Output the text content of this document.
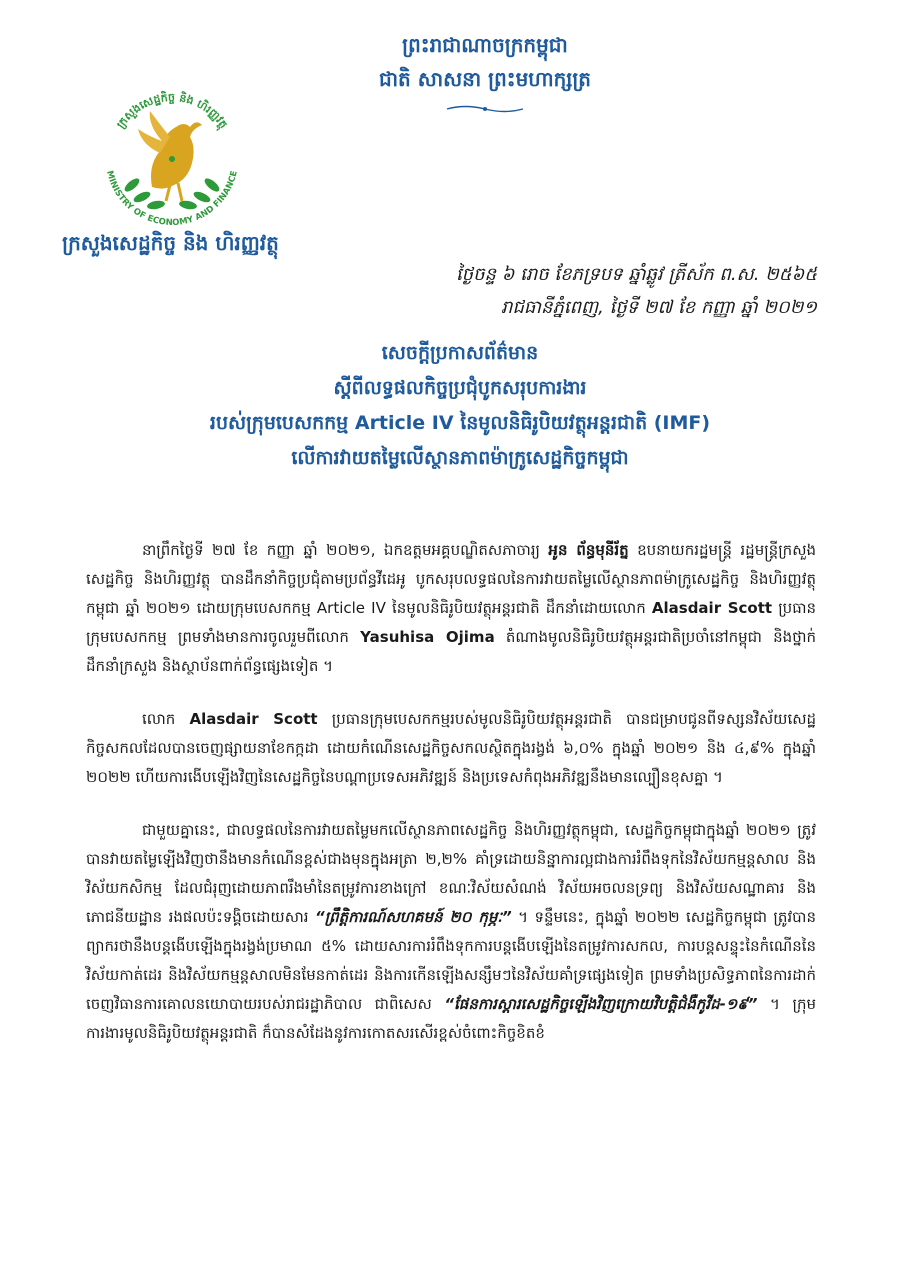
ព្រះរាជាណាចក្រកម្ពុជា
ជាតិ សាសនា ព្រះមហាក្សត្រ
ក្រសួងសេដ្ឋកិច្ច និង ហិរញ្ញវត្ថុ
MINISTRY OF ECONOMY AND FINANCE
ក្រសួងសេដ្ឋកិច្ច និង ហិរញ្ញវត្ថុ
ថ្ងៃចន្ទ ៦ រោច ខែភទ្របទ ឆ្នាំឆ្លូវ ត្រីស័ក ព.ស. ២៥៦៥
រាជធានីភ្នំពេញ, ថ្ងៃទី ២៧ ខែ កញ្ញា ឆ្នាំ ២០២១
សេចក្តីប្រកាសព័ត៌មាន
ស្តីពីលទ្ធផលកិច្ចប្រជុំបូកសរុបការងារ
របស់ក្រុមបេសកកម្ម Article IV នៃមូលនិធិរូបិយវត្ថុអន្តរជាតិ (IMF)
លើការវាយតម្លៃលើស្ថានភាពម៉ាក្រូសេដ្ឋកិច្ចកម្ពុជា

នាព្រឹកថ្ងៃទី ២៧ ខែ កញ្ញា ឆ្នាំ ២០២១, ឯកឧត្តមអគ្គបណ្ឌិតសភាចារ្យ អូន ព័ន្ធមុនីរ័ត្ន ឧបនាយករដ្ឋមន្ត្រី រដ្ឋមន្ត្រីក្រសួងសេដ្ឋកិច្ច និងហិរញ្ញវត្ថុ បានដឹកនាំកិច្ចប្រជុំតាមប្រព័ន្ធវីដេអូ បូកសរុបលទ្ធផលនៃការវាយតម្លៃលើស្ថានភាពម៉ាក្រូសេដ្ឋកិច្ច និងហិរញ្ញវត្ថុកម្ពុជា ឆ្នាំ ២០២១ ដោយក្រុមបេសកកម្ម Article IV នៃមូលនិធិរូបិយវត្ថុអន្តរជាតិ ដឹកនាំដោយលោក Alasdair Scott ប្រធានក្រុមបេសកកម្ម ព្រមទាំងមានការចូលរួមពីលោក Yasuhisa Ojima តំណាងមូលនិធិរូបិយវត្ថុអន្តរជាតិប្រចាំនៅកម្ពុជា និងថ្នាក់ដឹកនាំក្រសួង និងស្ថាប័នពាក់ព័ន្ធផ្សេងទៀត ។

លោក Alasdair Scott ប្រធានក្រុមបេសកកម្មរបស់មូលនិធិរូបិយវត្ថុអន្តរជាតិ បានជម្រាបជូនពីទស្សនវិស័យសេដ្ឋកិច្ចសកលដែលបានចេញផ្សាយនាខែកក្កដា ដោយកំណើនសេដ្ឋកិច្ចសកលស្ថិតក្នុងរង្វង់ ៦,០% ក្នុងឆ្នាំ ២០២១ និង ៤,៩% ក្នុងឆ្នាំ ២០២២ ហើយការងើបឡើងវិញនៃសេដ្ឋកិច្ចនៃបណ្តាប្រទេសអភិវឌ្ឍន៍ និងប្រទេសកំពុងអភិវឌ្ឍនឹងមានល្បឿនខុសគ្នា ។

ជាមួយគ្នានេះ, ជាលទ្ធផលនៃការវាយតម្លៃមកលើស្ថានភាពសេដ្ឋកិច្ច និងហិរញ្ញវត្ថុកម្ពុជា, សេដ្ឋកិច្ចកម្ពុជាក្នុងឆ្នាំ ២០២១ ត្រូវបានវាយតម្លៃឡើងវិញថានឹងមានកំណើនខ្ពស់ជាងមុនក្នុងអត្រា ២,២% គាំទ្រដោយនិន្នាការល្អជាងការរំពឹងទុកនៃវិស័យកម្មន្តសាល និងវិស័យកសិកម្ម ដែលជំរុញដោយភាពរឹងមាំនៃតម្រូវការខាងក្រៅ ខណៈវិស័យសំណង់ វិស័យអចលនទ្រព្យ និងវិស័យសណ្ឋាគារ និងភោជនីយដ្ឋាន រងផលប៉ះទង្គិចដោយសារ “ព្រឹត្តិការណ៍សហគមន៍ ២០ កុម្ភៈ” ។ ទន្ទឹមនេះ, ក្នុងឆ្នាំ ២០២២ សេដ្ឋកិច្ចកម្ពុជា ត្រូវបានព្យាករថានឹងបន្តងើបឡើងក្នុងរង្វង់ប្រមាណ ៥% ដោយសារការរំពឹងទុកការបន្តងើបឡើងនៃតម្រូវការសកល, ការបន្តសន្ទុះនៃកំណើននៃវិស័យកាត់ដេរ និងវិស័យកម្មន្តសាលមិនមែនកាត់ដេរ និងការកើនឡើងសន្សឹមៗនៃវិស័យគាំទ្រផ្សេងទៀត ព្រមទាំងប្រសិទ្ធភាពនៃការដាក់ចេញវិធានការគោលនយោបាយរបស់រាជរដ្ឋាភិបាល ជាពិសេស “ផែនការស្តារសេដ្ឋកិច្ចឡើងវិញក្រោយវិបត្តិជំងឺកូវីដ-១៩” ។ ក្រុមការងារមូលនិធិរូបិយវត្ថុអន្តរជាតិ ក៏បានសំដែងនូវការកោតសរសើរខ្ពស់ចំពោះកិច្ចខិតខំ
